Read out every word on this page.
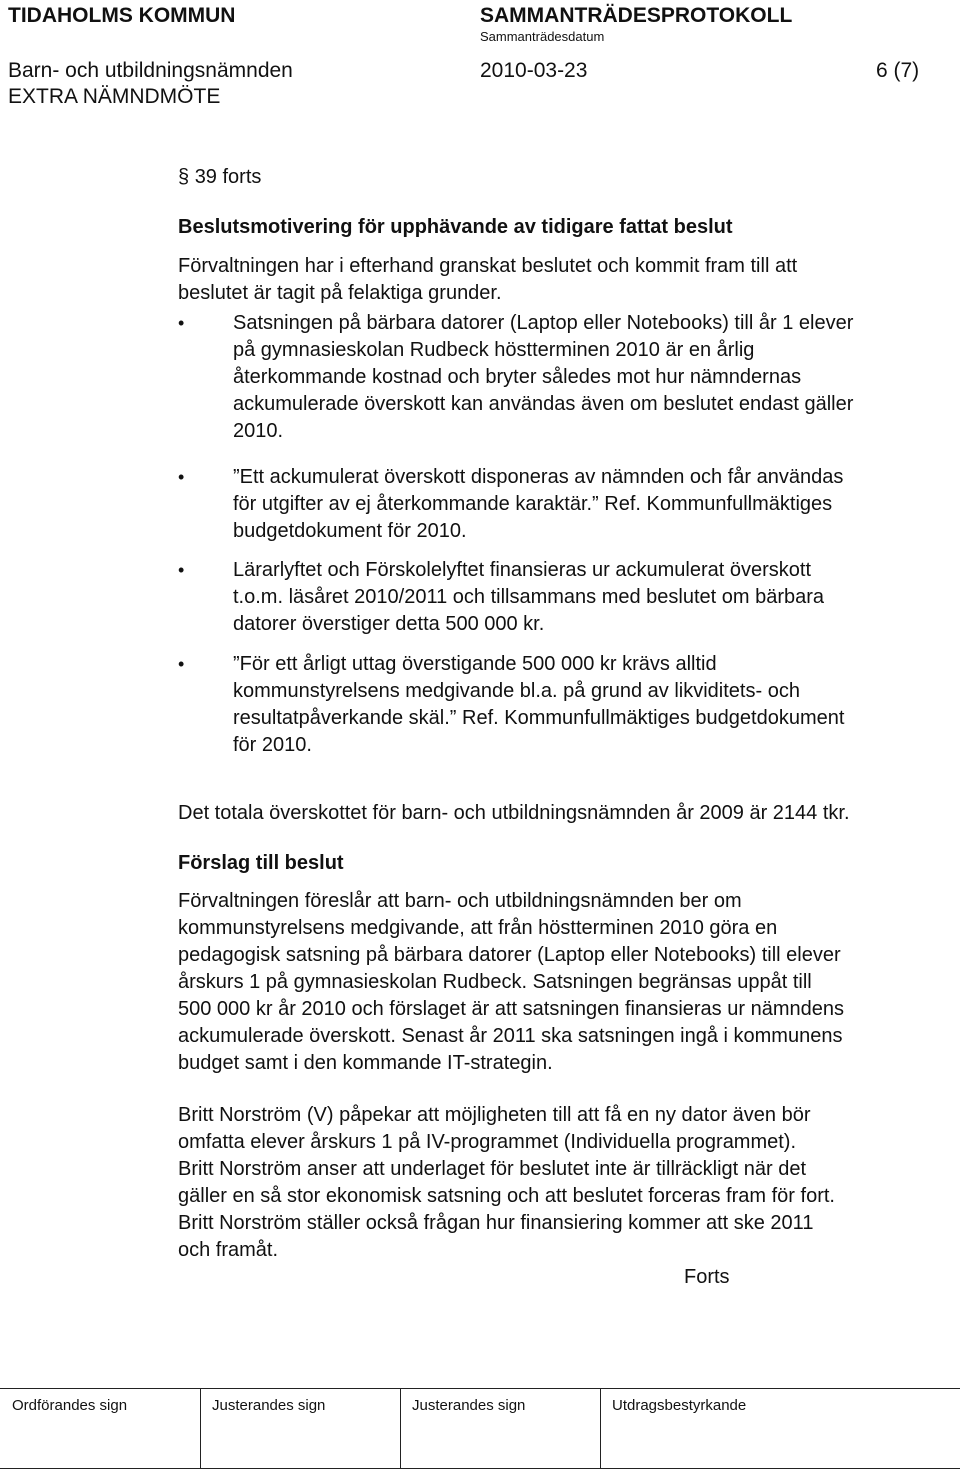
TIDAHOLMS KOMMUN	SAMMANTRÄDESPROTOKOLL
Sammanträdesdatum
Barn- och utbildningsnämnden	2010-03-23	6 (7)
EXTRA NÄMNDMÖTE
§ 39 forts
Beslutsmotivering för upphävande av tidigare fattat beslut
Förvaltningen har i efterhand granskat beslutet och kommit fram till att
beslutet är tagit på felaktiga grunder.
•	Satsningen på bärbara datorer (Laptop eller Notebooks) till år 1 elever
på gymnasieskolan Rudbeck höstterminen 2010 är en årlig
återkommande kostnad och bryter således mot hur nämndernas
ackumulerade överskott kan användas även om beslutet endast gäller
2010.
•	”Ett ackumulerat överskott disponeras av nämnden och får användas
för utgifter av ej återkommande karaktär.” Ref. Kommunfullmäktiges
budgetdokument för 2010.
•	Lärarlyftet och Förskolelyftet finansieras ur ackumulerat överskott
t.o.m. läsåret 2010/2011 och tillsammans med beslutet om bärbara
datorer överstiger detta 500 000 kr.
•	”För ett årligt uttag överstigande 500 000 kr krävs alltid
kommunstyrelsens medgivande bl.a. på grund av likviditets- och
resultatpåverkande skäl.” Ref. Kommunfullmäktiges budgetdokument
för 2010.
Det totala överskottet för barn- och utbildningsnämnden år 2009 är 2144 tkr.
Förslag till beslut
Förvaltningen föreslår att barn- och utbildningsnämnden ber om
kommunstyrelsens medgivande, att från höstterminen 2010 göra en
pedagogisk satsning på bärbara datorer (Laptop eller Notebooks) till elever
årskurs 1 på gymnasieskolan Rudbeck. Satsningen begränsas uppåt till
500 000 kr år 2010 och förslaget är att satsningen finansieras ur nämndens
ackumulerade överskott. Senast år 2011 ska satsningen ingå i kommunens
budget samt i den kommande IT-strategin.
Britt Norström (V) påpekar att möjligheten till att få en ny dator även bör
omfatta elever årskurs 1 på IV-programmet (Individuella programmet).
Britt Norström anser att underlaget för beslutet inte är tillräckligt när det
gäller en så stor ekonomisk satsning och att beslutet forceras fram för fort.
Britt Norström ställer också frågan hur finansiering kommer att ske 2011
och framåt.
Forts
Ordförandes sign	Justerandes sign	Justerandes sign	Utdragsbestyrkande
